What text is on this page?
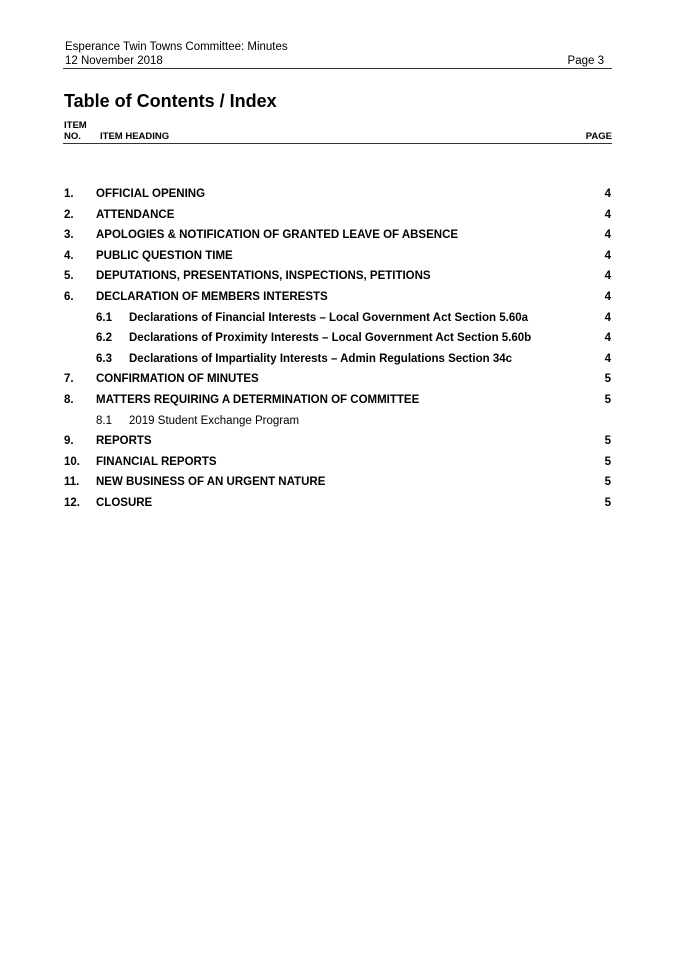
Esperance Twin Towns Committee: Minutes
12 November 2018	Page 3
Table of Contents / Index
ITEM
NO. ITEM HEADING	PAGE
1. OFFICIAL OPENING	4
2. ATTENDANCE	4
3. APOLOGIES & NOTIFICATION OF GRANTED LEAVE OF ABSENCE	4
4. PUBLIC QUESTION TIME	4
5. DEPUTATIONS, PRESENTATIONS, INSPECTIONS, PETITIONS	4
6. DECLARATION OF MEMBERS INTERESTS	4
6.1 Declarations of Financial Interests – Local Government Act Section 5.60a	4
6.2 Declarations of Proximity Interests – Local Government Act Section 5.60b	4
6.3 Declarations of Impartiality Interests – Admin Regulations Section 34c	4
7. CONFIRMATION OF MINUTES	5
8. MATTERS REQUIRING A DETERMINATION OF COMMITTEE	5
8.1 2019 Student Exchange Program
9. REPORTS	5
10. FINANCIAL REPORTS	5
11. NEW BUSINESS OF AN URGENT NATURE	5
12. CLOSURE	5
